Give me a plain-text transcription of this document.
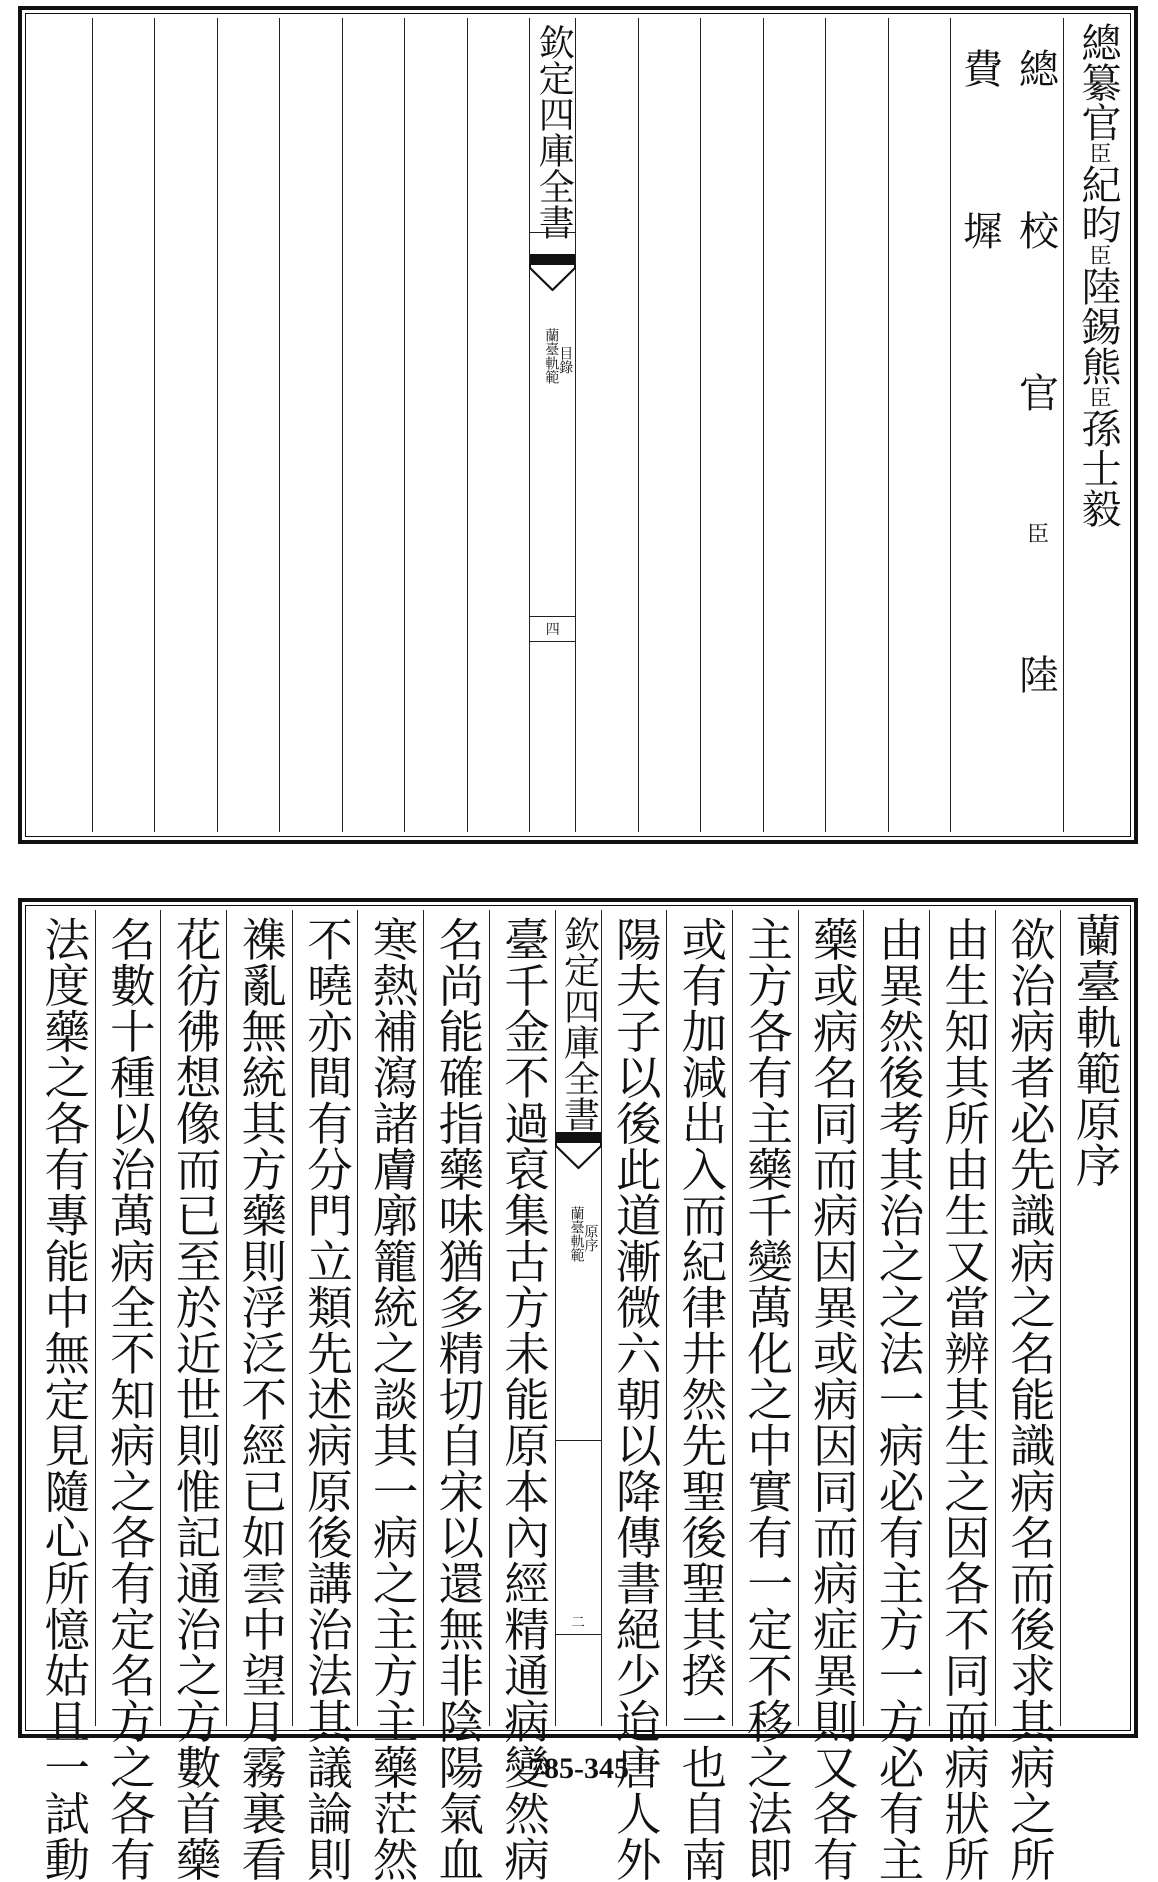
總纂官臣紀昀臣陸錫熊臣孫士毅
總  校  官  臣  陸  費  墀
欽定四庫全書
蘭臺軌範
目錄
四
蘭臺軌範原序
欲治病者必先識病之名能識病名而後求其病之所
由生知其所由生又當辨其生之因各不同而病狀所
由異然後考其治之之法一病必有主方一方必有主
藥或病名同而病因異或病因同而病症異則又各有
主方各有主藥千變萬化之中實有一定不移之法即
或有加減出入而紀律井然先聖後聖其揆一也自南
陽夫子以後此道漸微六朝以降傳書絕少迨唐人外
欽定四庫全書
蘭臺軌範
原序
二
臺千金不過裒集古方未能原本內經精通病變然病
名尚能確指藥味猶多精切自宋以還無非陰陽氣血
寒熱補瀉諸膚廓籠統之談其一病之主方主藥茫然
不曉亦間有分門立類先述病原後講治法其議論則
襍亂無統其方藥則浮泛不經已如雲中望月霧裏看
花彷彿想像而已至於近世則惟記通治之方數首藥
名數十種以治萬病全不知病之各有定名方之各有
法度藥之各有專能中無定見隨心所憶姑且一試動	785-345
